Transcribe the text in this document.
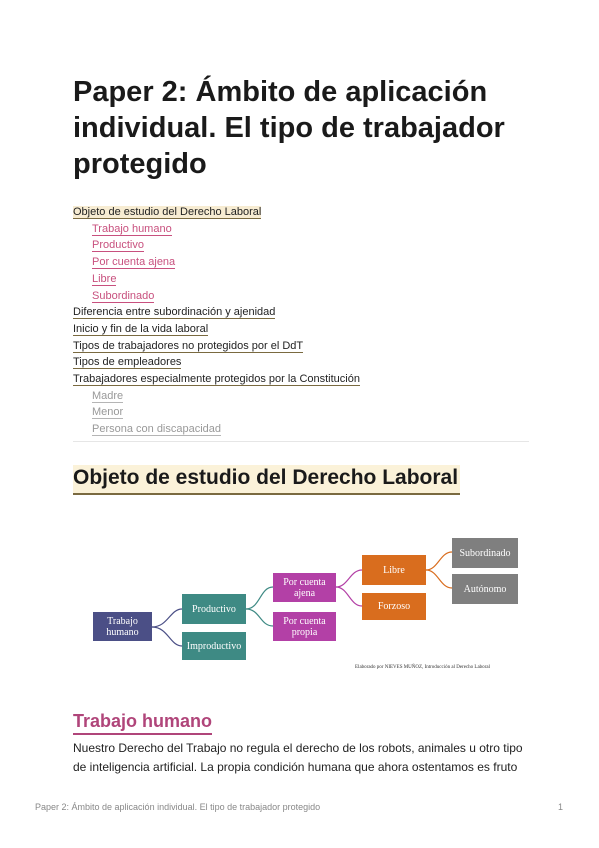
Paper 2: Ámbito de aplicación individual. El tipo de trabajador protegido
Objeto de estudio del Derecho Laboral
Trabajo humano
Productivo
Por cuenta ajena
Libre
Subordinado
Diferencia entre subordinación y ajenidad
Inicio y fin de la vida laboral
Tipos de trabajadores no protegidos por el DdT
Tipos de empleadores
Trabajadores especialmente protegidos por la Constitución
Madre
Menor
Persona con discapacidad
Objeto de estudio del Derecho Laboral
Trabajo humano
Productivo
Improductivo
Por cuenta ajena
Por cuenta propia
Libre
Forzoso
Subordinado
Autónomo
Elaborado por NIEVES MUÑOZ, Introducción al Derecho Laboral
Trabajo humano
Nuestro Derecho del Trabajo no regula el derecho de los robots, animales u otro tipo de inteligencia artificial. La propia condición humana que ahora ostentamos es fruto
Paper 2: Ámbito de aplicación individual. El tipo de trabajador protegido	1
